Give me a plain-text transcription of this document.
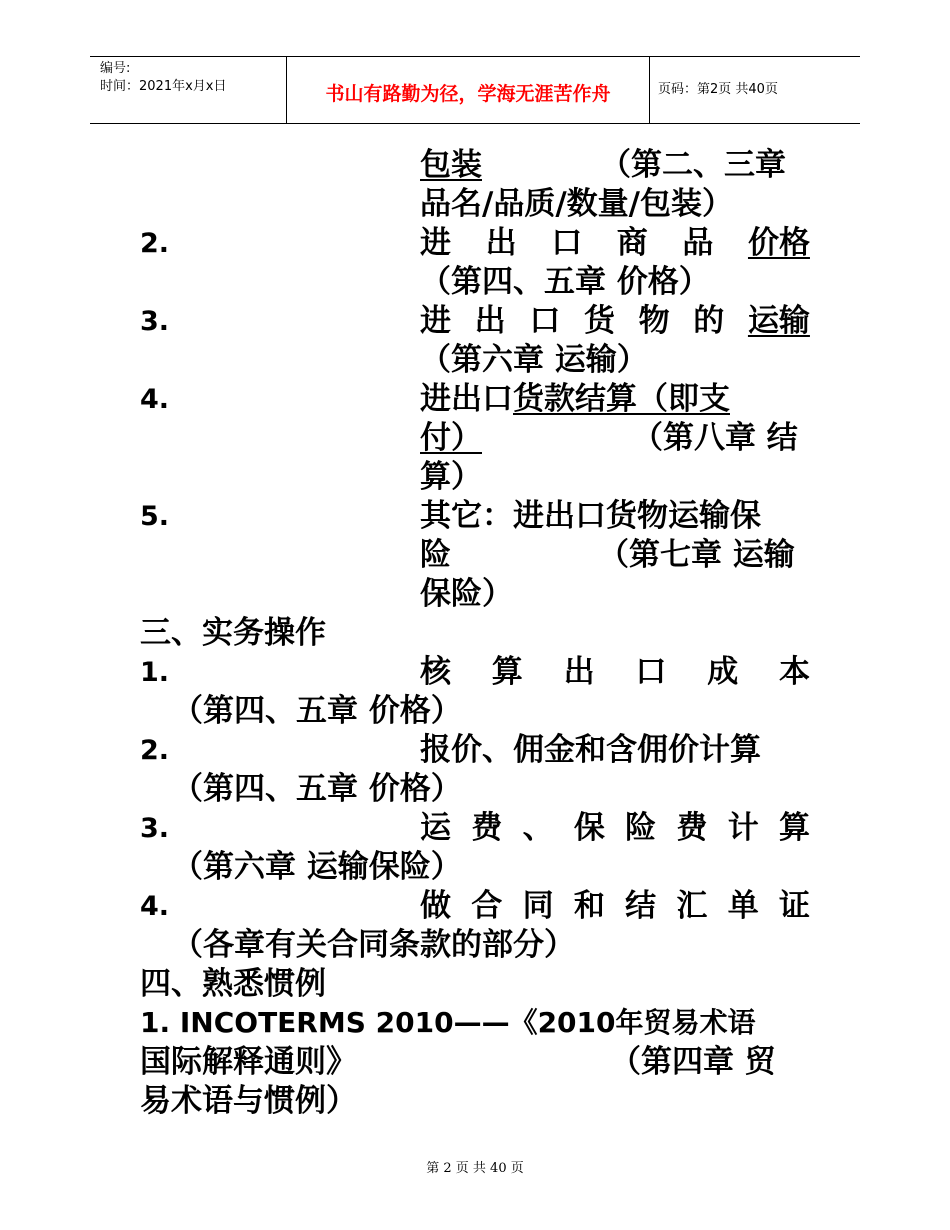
编号:
时间：2021年x月x日	书山有路勤为径，学海无涯苦作舟	页码：第2页 共40页
包装	（第二、三章
品名/品质/数量/包装）
2.	进 出 口 商 品 价格
（第四、五章 价格）
3.	进 出 口 货 物 的 运输
（第六章 运输）
4.	进出口货款结算（即支
付）	（第八章 结
算）
5.	其它：进出口货物运输保
险	（第七章 运输
保险）
三、实务操作
1.	核 算 出 口 成 本
（第四、五章 价格）
2.	报价、佣金和含佣价计算
（第四、五章 价格）
3.	运 费 、 保 险 费 计 算
（第六章 运输保险）
4.	做 合 同 和 结 汇 单 证
（各章有关合同条款的部分）
四、熟悉惯例
1. INCOTERMS 2010——《2010年贸易术语
国际解释通则》	（第四章 贸
易术语与惯例）
第 2 页 共 40 页
